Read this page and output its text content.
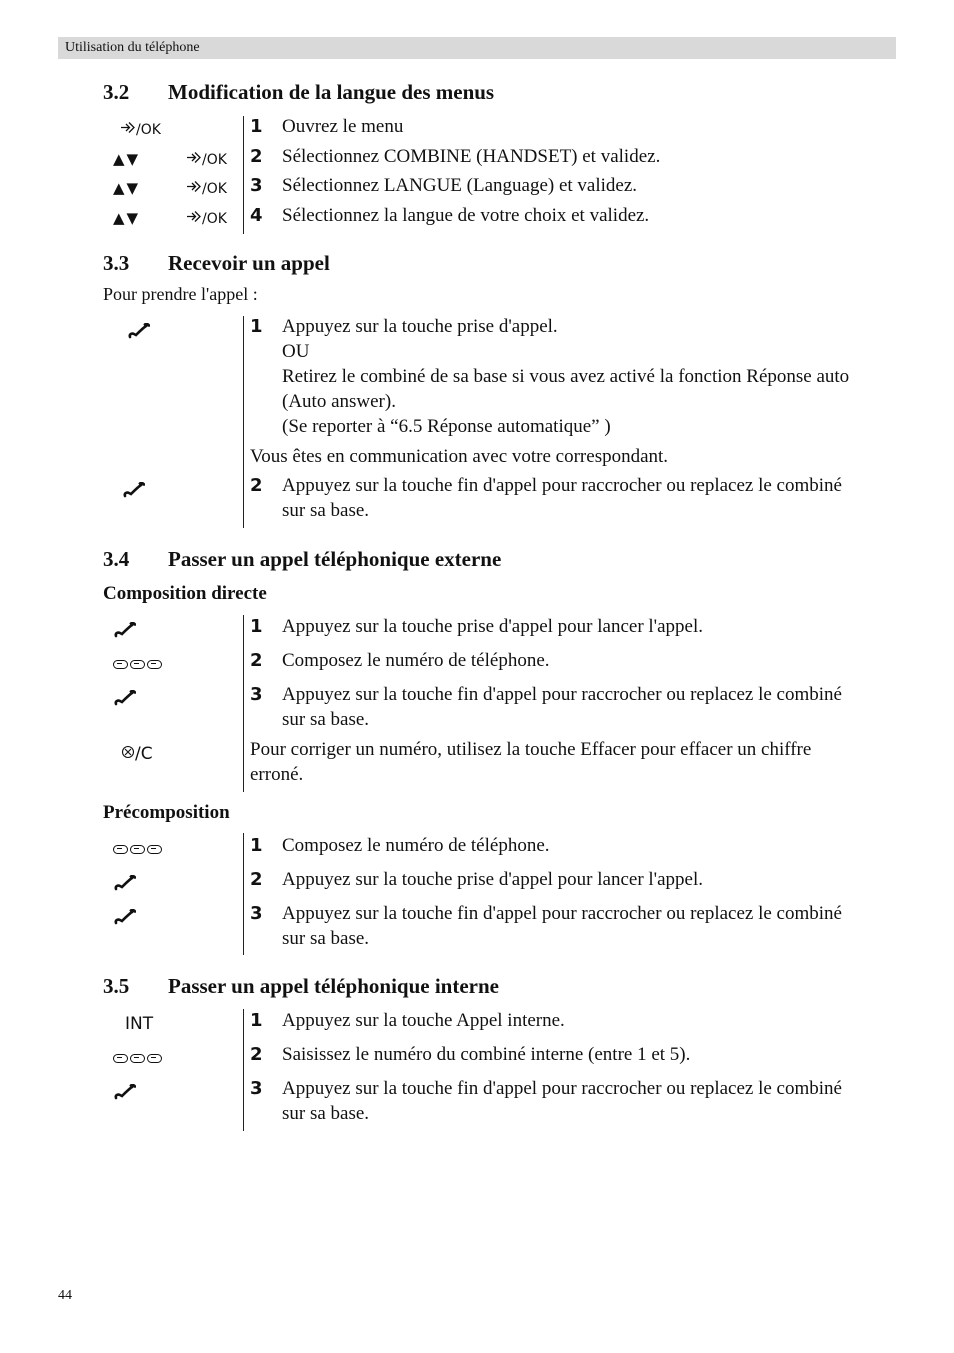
Utilisation du téléphone
3.2 Modification de la langue des menus
/OK	1 Ouvrez le menu
▲▼	/OK 2 Sélectionnez COMBINE (HANDSET) et validez.
▲▼	/OK 3 Sélectionnez LANGUE (Language) et validez.
▲▼	/OK 4 Sélectionnez la langue de votre choix et validez.
3.3 Recevoir un appel
Pour prendre l'appel :
1 Appuyez sur la touche prise d'appel.
OU
Retirez le combiné de sa base si vous avez activé la fonction Réponse auto
(Auto answer).
(Se reporter à “6.5 Réponse automatique” )
Vous êtes en communication avec votre correspondant.
2 Appuyez sur la touche fin d'appel pour raccrocher ou replacez le combiné
sur sa base.
3.4 Passer un appel téléphonique externe
Composition directe
1 Appuyez sur la touche prise d'appel pour lancer l'appel.
2 Composez le numéro de téléphone.
3 Appuyez sur la touche fin d'appel pour raccrocher ou replacez le combiné
sur sa base.
/C	Pour corriger un numéro, utilisez la touche Effacer pour effacer un chiffre
erroné.
Précomposition
1 Composez le numéro de téléphone.
2 Appuyez sur la touche prise d'appel pour lancer l'appel.
3 Appuyez sur la touche fin d'appel pour raccrocher ou replacez le combiné
sur sa base.
3.5 Passer un appel téléphonique interne
INT	1 Appuyez sur la touche Appel interne.
2 Saisissez le numéro du combiné interne (entre 1 et 5).
3 Appuyez sur la touche fin d'appel pour raccrocher ou replacez le combiné
sur sa base.
44
